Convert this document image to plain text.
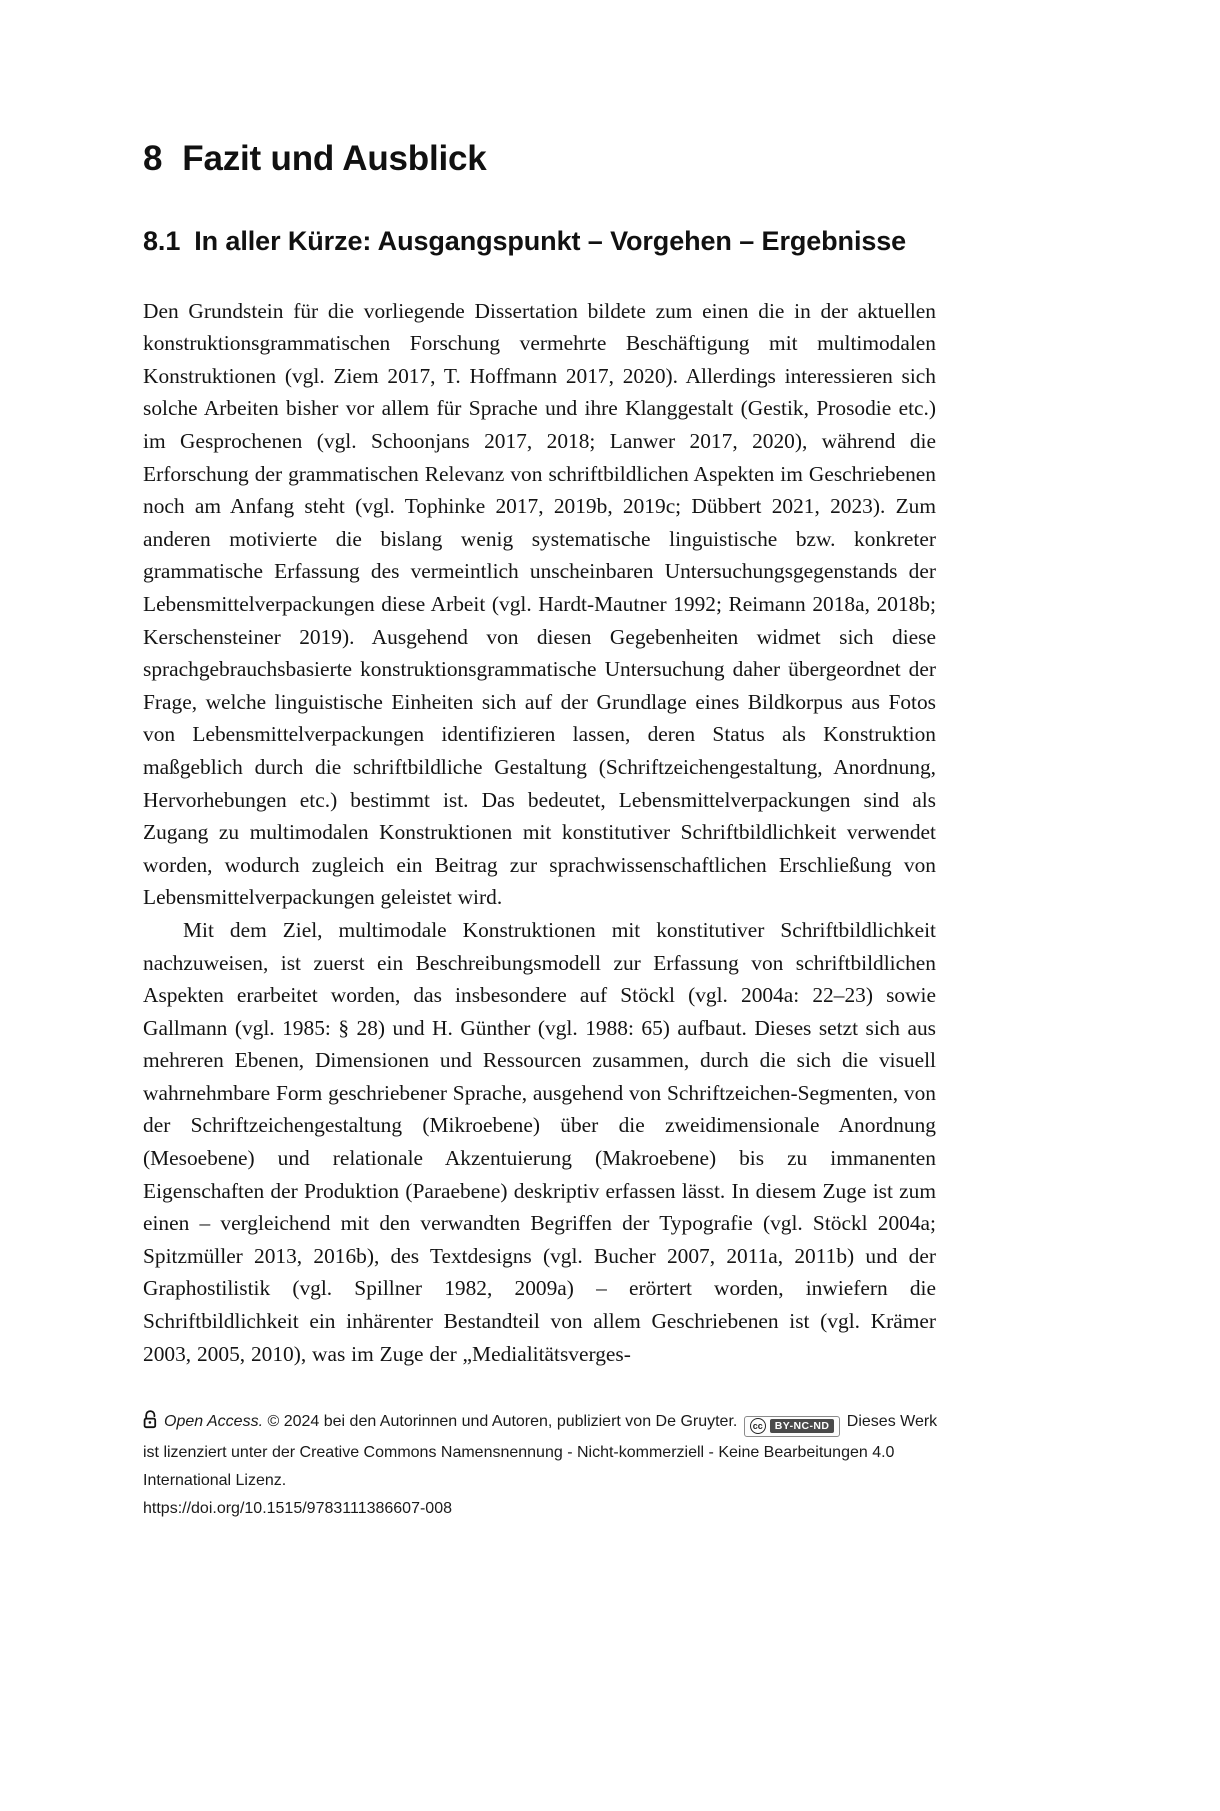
8 Fazit und Ausblick
8.1 In aller Kürze: Ausgangspunkt – Vorgehen – Ergebnisse

Den Grundstein für die vorliegende Dissertation bildete zum einen die in der aktuellen konstruktionsgrammatischen Forschung vermehrte Beschäftigung mit multimodalen Konstruktionen (vgl. Ziem 2017, T. Hoffmann 2017, 2020). Allerdings interessieren sich solche Arbeiten bisher vor allem für Sprache und ihre Klanggestalt (Gestik, Prosodie etc.) im Gesprochenen (vgl. Schoonjans 2017, 2018; Lanwer 2017, 2020), während die Erforschung der grammatischen Relevanz von schriftbildlichen Aspekten im Geschriebenen noch am Anfang steht (vgl. Tophinke 2017, 2019b, 2019c; Dübbert 2021, 2023). Zum anderen motivierte die bislang wenig systematische linguistische bzw. konkreter grammatische Erfassung des vermeintlich unscheinbaren Untersuchungsgegenstands der Lebensmittelverpackungen diese Arbeit (vgl. Hardt-Mautner 1992; Reimann 2018a, 2018b; Kerschensteiner 2019). Ausgehend von diesen Gegebenheiten widmet sich diese sprachgebrauchsbasierte konstruktionsgrammatische Untersuchung daher übergeordnet der Frage, welche linguistische Einheiten sich auf der Grundlage eines Bildkorpus aus Fotos von Lebensmittelverpackungen identifizieren lassen, deren Status als Konstruktion maßgeblich durch die schriftbildliche Gestaltung (Schriftzeichengestaltung, Anordnung, Hervorhebungen etc.) bestimmt ist. Das bedeutet, Lebensmittelverpackungen sind als Zugang zu multimodalen Konstruktionen mit konstitutiver Schriftbildlichkeit verwendet worden, wodurch zugleich ein Beitrag zur sprachwissenschaftlichen Erschließung von Lebensmittelverpackungen geleistet wird.

Mit dem Ziel, multimodale Konstruktionen mit konstitutiver Schriftbildlichkeit nachzuweisen, ist zuerst ein Beschreibungsmodell zur Erfassung von schriftbildlichen Aspekten erarbeitet worden, das insbesondere auf Stöckl (vgl. 2004a: 22–23) sowie Gallmann (vgl. 1985: § 28) und H. Günther (vgl. 1988: 65) aufbaut. Dieses setzt sich aus mehreren Ebenen, Dimensionen und Ressourcen zusammen, durch die sich die visuell wahrnehmbare Form geschriebener Sprache, ausgehend von Schriftzeichen-Segmenten, von der Schriftzeichengestaltung (Mikroebene) über die zweidimensionale Anordnung (Mesoebene) und relationale Akzentuierung (Makroebene) bis zu immanenten Eigenschaften der Produktion (Paraebene) deskriptiv erfassen lässt. In diesem Zuge ist zum einen – vergleichend mit den verwandten Begriffen der Typografie (vgl. Stöckl 2004a; Spitzmüller 2013, 2016b), des Textdesigns (vgl. Bucher 2007, 2011a, 2011b) und der Graphostilistik (vgl. Spillner 1982, 2009a) – erörtert worden, inwiefern die Schriftbildlichkeit ein inhärenter Bestandteil von allem Geschriebenen ist (vgl. Krämer 2003, 2005, 2010), was im Zuge der „Medialitätsverges-

Open Access. © 2024 bei den Autorinnen und Autoren, publiziert von De Gruyter. cc BY-NC-ND Dieses Werk ist lizenziert unter der Creative Commons Namensnennung - Nicht-kommerziell - Keine Bearbeitungen 4.0 International Lizenz.

https://doi.org/10.1515/9783111386607-008
